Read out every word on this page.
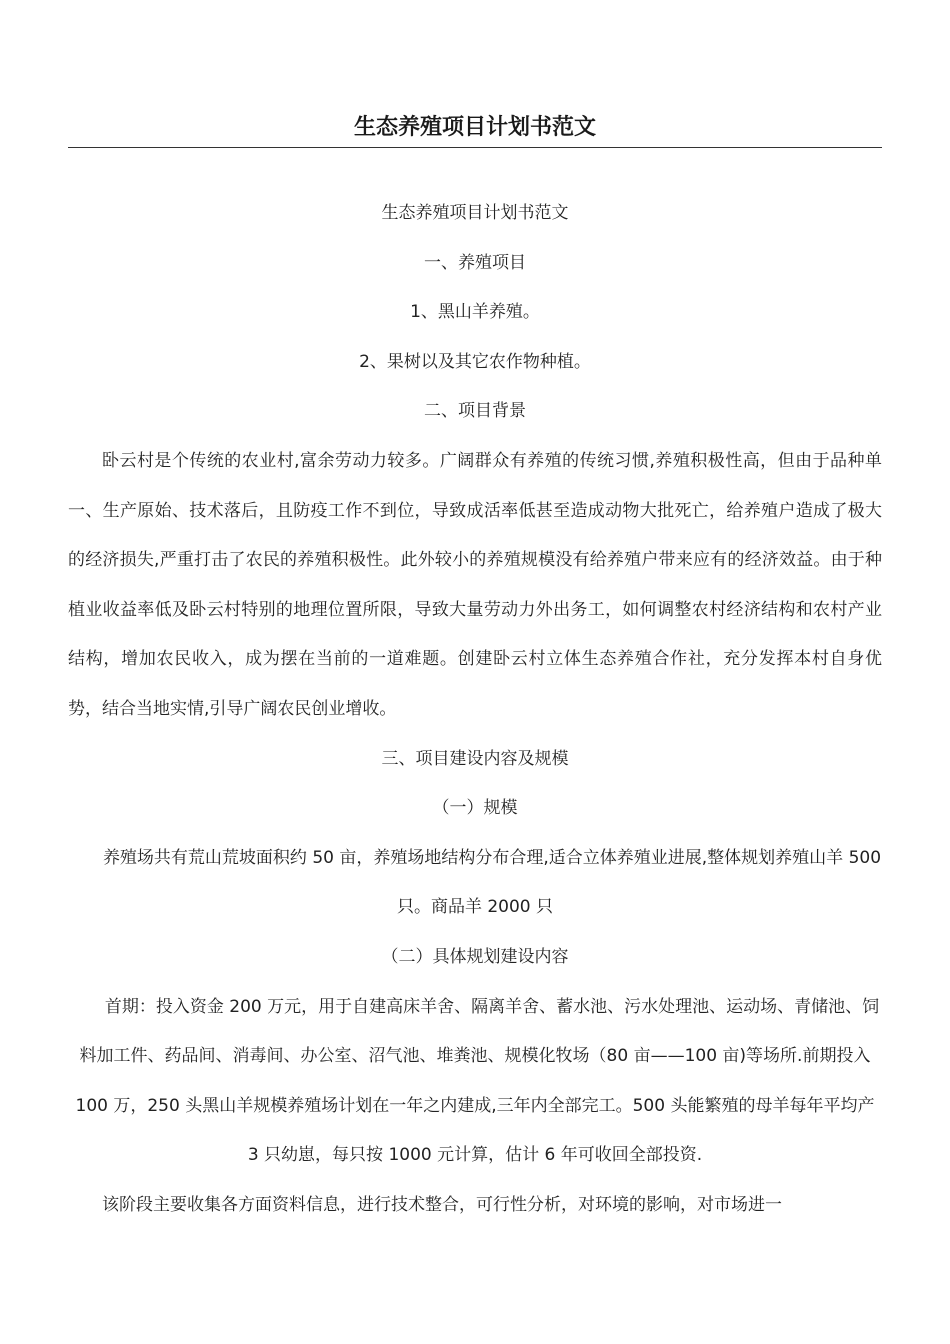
生态养殖项目计划书范文

生态养殖项目计划书范文

一、养殖项目

1、黑山羊养殖。

2、果树以及其它农作物种植。

二、项目背景

卧云村是个传统的农业村,富余劳动力较多。广阔群众有养殖的传统习惯,养殖积极性高，但由于品种单一、生产原始、技术落后，且防疫工作不到位，导致成活率低甚至造成动物大批死亡，给养殖户造成了极大的经济损失,严重打击了农民的养殖积极性。此外较小的养殖规模没有给养殖户带来应有的经济效益。由于种植业收益率低及卧云村特别的地理位置所限，导致大量劳动力外出务工，如何调整农村经济结构和农村产业结构，增加农民收入，成为摆在当前的一道难题。创建卧云村立体生态养殖合作社，充分发挥本村自身优势，结合当地实情,引导广阔农民创业增收。

三、项目建设内容及规模

（一）规模

养殖场共有荒山荒坡面积约 50 亩，养殖场地结构分布合理,适合立体养殖业进展,整体规划养殖山羊 500 只。商品羊 2000 只

（二）具体规划建设内容

首期：投入资金 200 万元，用于自建高床羊舍、隔离羊舍、蓄水池、污水处理池、运动场、青储池、饲料加工件、药品间、消毒间、办公室、沼气池、堆粪池、规模化牧场（80 亩——100 亩)等场所.前期投入 100 万，250 头黑山羊规模养殖场计划在一年之内建成,三年内全部完工。500 头能繁殖的母羊每年平均产 3 只幼崽，每只按 1000 元计算，估计 6 年可收回全部投资.

该阶段主要收集各方面资料信息，进行技术整合，可行性分析，对环境的影响，对市场进一
